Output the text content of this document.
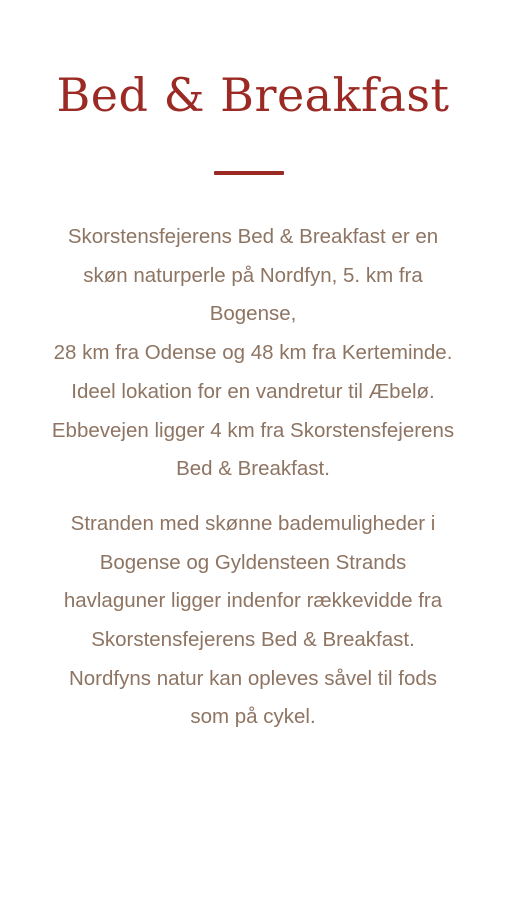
Bed & Breakfast

Skorstensfejerens Bed & Breakfast er en
skøn naturperle på Nordfyn, 5. km fra
Bogense,
28 km fra Odense og 48 km fra Kerteminde.
Ideel lokation for en vandretur til Æbelø.
Ebbevejen ligger 4 km fra Skorstensfejerens
Bed & Breakfast.

Stranden med skønne bademuligheder i
Bogense og Gyldensteen Strands
havlaguner ligger indenfor rækkevidde fra
Skorstensfejerens Bed & Breakfast.
Nordfyns natur kan opleves såvel til fods
som på cykel.
